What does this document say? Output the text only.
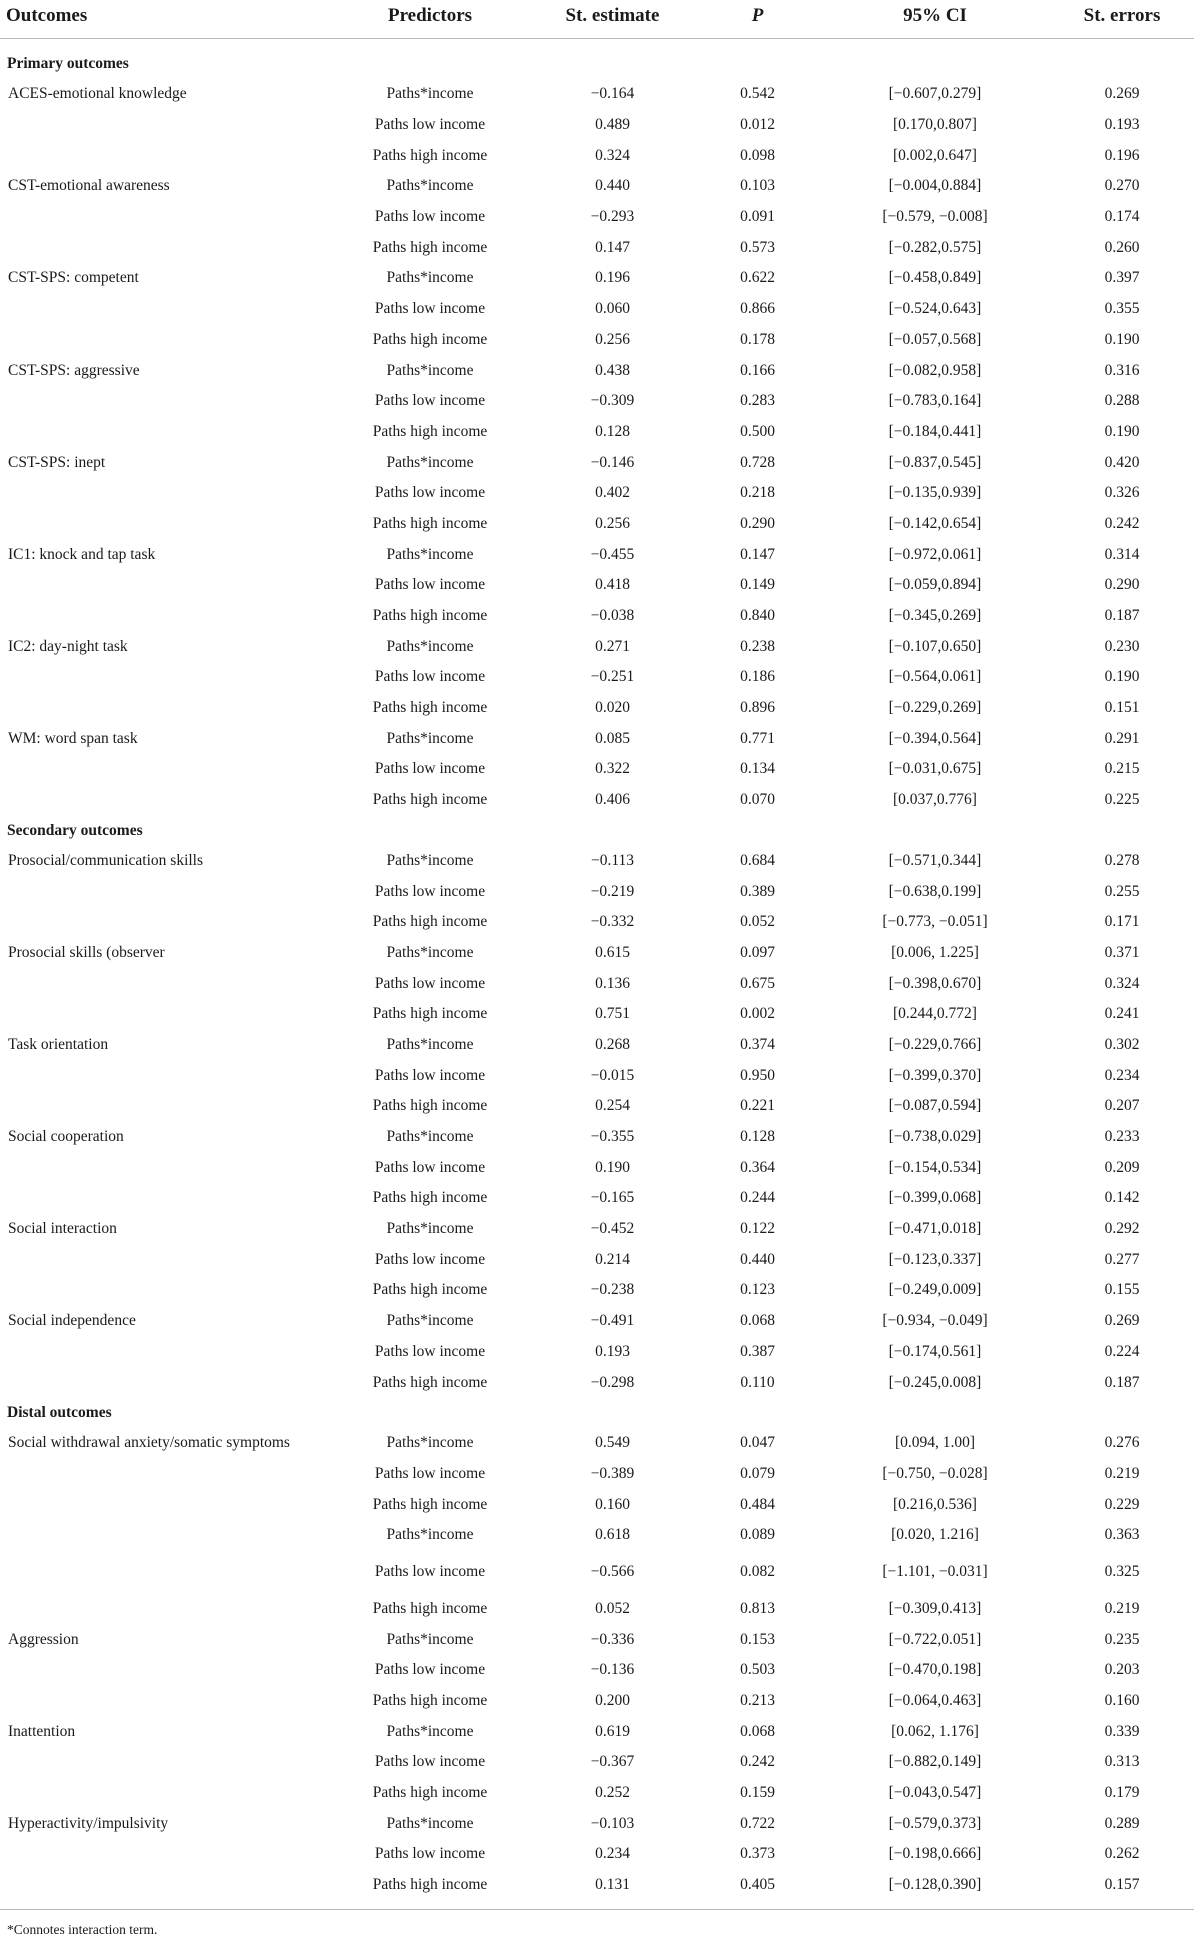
Outcomes	Predictors	St. estimate	P	95% CI	St. errors

Primary outcomes					
ACES-emotional knowledge	Paths*income	−0.164	0.542	[−0.607,0.279]	0.269
	Paths low income	0.489	0.012	[0.170,0.807]	0.193
	Paths high income	0.324	0.098	[0.002,0.647]	0.196
CST-emotional awareness	Paths*income	0.440	0.103	[−0.004,0.884]	0.270
	Paths low income	−0.293	0.091	[−0.579, −0.008]	0.174
	Paths high income	0.147	0.573	[−0.282,0.575]	0.260
CST-SPS: competent	Paths*income	0.196	0.622	[−0.458,0.849]	0.397
	Paths low income	0.060	0.866	[−0.524,0.643]	0.355
	Paths high income	0.256	0.178	[−0.057,0.568]	0.190
CST-SPS: aggressive	Paths*income	0.438	0.166	[−0.082,0.958]	0.316
	Paths low income	−0.309	0.283	[−0.783,0.164]	0.288
	Paths high income	0.128	0.500	[−0.184,0.441]	0.190
CST-SPS: inept	Paths*income	−0.146	0.728	[−0.837,0.545]	0.420
	Paths low income	0.402	0.218	[−0.135,0.939]	0.326
	Paths high income	0.256	0.290	[−0.142,0.654]	0.242
IC1: knock and tap task	Paths*income	−0.455	0.147	[−0.972,0.061]	0.314
	Paths low income	0.418	0.149	[−0.059,0.894]	0.290
	Paths high income	−0.038	0.840	[−0.345,0.269]	0.187
IC2: day-night task	Paths*income	0.271	0.238	[−0.107,0.650]	0.230
	Paths low income	−0.251	0.186	[−0.564,0.061]	0.190
	Paths high income	0.020	0.896	[−0.229,0.269]	0.151
WM: word span task	Paths*income	0.085	0.771	[−0.394,0.564]	0.291
	Paths low income	0.322	0.134	[−0.031,0.675]	0.215
	Paths high income	0.406	0.070	[0.037,0.776]	0.225
Secondary outcomes					
Prosocial/communication skills	Paths*income	−0.113	0.684	[−0.571,0.344]	0.278
	Paths low income	−0.219	0.389	[−0.638,0.199]	0.255
	Paths high income	−0.332	0.052	[−0.773, −0.051]	0.171
Prosocial skills (observer	Paths*income	0.615	0.097	[0.006, 1.225]	0.371
	Paths low income	0.136	0.675	[−0.398,0.670]	0.324
	Paths high income	0.751	0.002	[0.244,0.772]	0.241
Task orientation	Paths*income	0.268	0.374	[−0.229,0.766]	0.302
	Paths low income	−0.015	0.950	[−0.399,0.370]	0.234
	Paths high income	0.254	0.221	[−0.087,0.594]	0.207
Social cooperation	Paths*income	−0.355	0.128	[−0.738,0.029]	0.233
	Paths low income	0.190	0.364	[−0.154,0.534]	0.209
	Paths high income	−0.165	0.244	[−0.399,0.068]	0.142
Social interaction	Paths*income	−0.452	0.122	[−0.471,0.018]	0.292
	Paths low income	0.214	0.440	[−0.123,0.337]	0.277
	Paths high income	−0.238	0.123	[−0.249,0.009]	0.155
Social independence	Paths*income	−0.491	0.068	[−0.934, −0.049]	0.269
	Paths low income	0.193	0.387	[−0.174,0.561]	0.224
	Paths high income	−0.298	0.110	[−0.245,0.008]	0.187
Distal outcomes					
Social withdrawal anxiety/somatic symptoms	Paths*income	0.549	0.047	[0.094, 1.00]	0.276
	Paths low income	−0.389	0.079	[−0.750, −0.028]	0.219
	Paths high income	0.160	0.484	[0.216,0.536]	0.229
	Paths*income	0.618	0.089	[0.020, 1.216]	0.363
	Paths low income	−0.566	0.082	[−1.101, −0.031]	0.325
	Paths high income	0.052	0.813	[−0.309,0.413]	0.219
Aggression	Paths*income	−0.336	0.153	[−0.722,0.051]	0.235
	Paths low income	−0.136	0.503	[−0.470,0.198]	0.203
	Paths high income	0.200	0.213	[−0.064,0.463]	0.160
Inattention	Paths*income	0.619	0.068	[0.062, 1.176]	0.339
	Paths low income	−0.367	0.242	[−0.882,0.149]	0.313
	Paths high income	0.252	0.159	[−0.043,0.547]	0.179
Hyperactivity/impulsivity	Paths*income	−0.103	0.722	[−0.579,0.373]	0.289
	Paths low income	0.234	0.373	[−0.198,0.666]	0.262
	Paths high income	0.131	0.405	[−0.128,0.390]	0.157

*Connotes interaction term.
